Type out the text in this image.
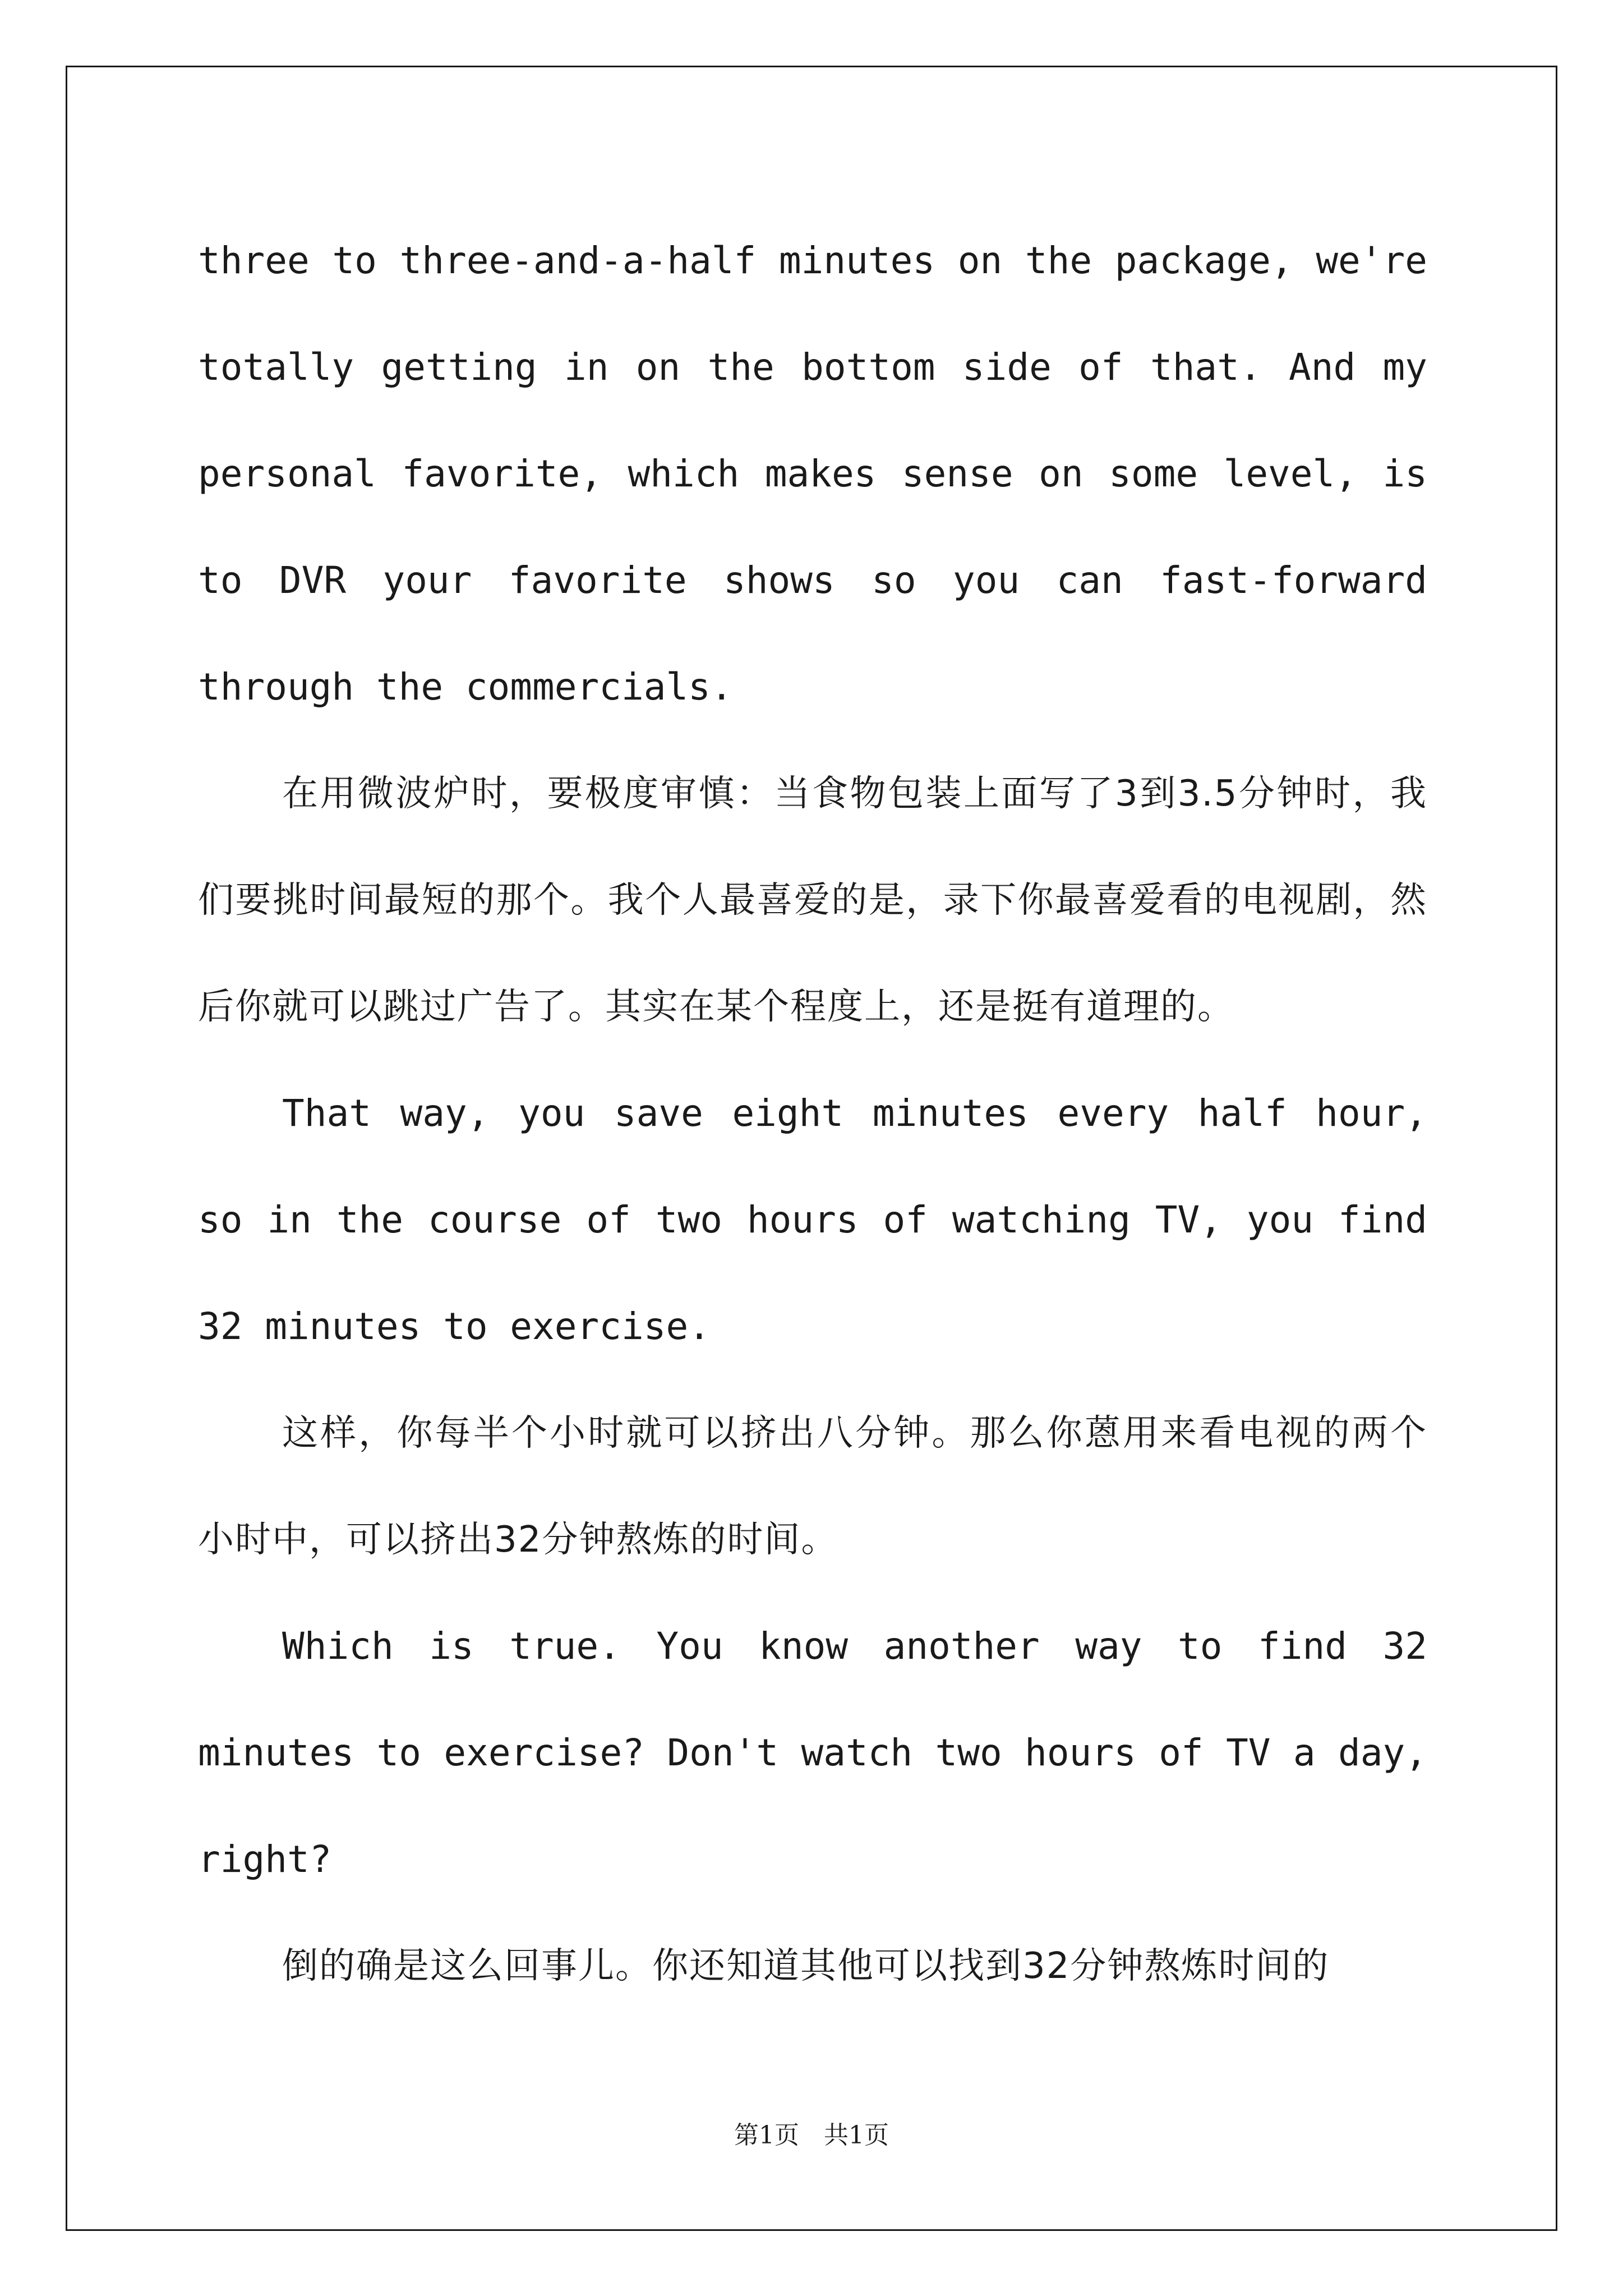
three to three-and-a-half minutes on the package, we're totally getting in on the bottom side of that. And my personal favorite, which makes sense on some level, is to DVR your favorite shows so you can fast-forward through the commercials.

在用微波炉时，要极度审慎：当食物包装上面写了3到3.5分钟时，我们要挑时间最短的那个。我个人最喜爱的是，录下你最喜爱看的电视剧，然后你就可以跳过广告了。其实在某个程度上，还是挺有道理的。

That way, you save eight minutes every half hour, so in the course of two hours of watching TV, you find 32 minutes to exercise.

这样，你每半个小时就可以挤出八分钟。那么你蒽用来看电视的两个小时中，可以挤出32分钟熬炼的时间。

Which is true. You know another way to find 32 minutes to exercise? Don't watch two hours of TV a day, right?

倒的确是这么回事儿。你还知道其他可以找到32分钟熬炼时间的

第1页　共1页
